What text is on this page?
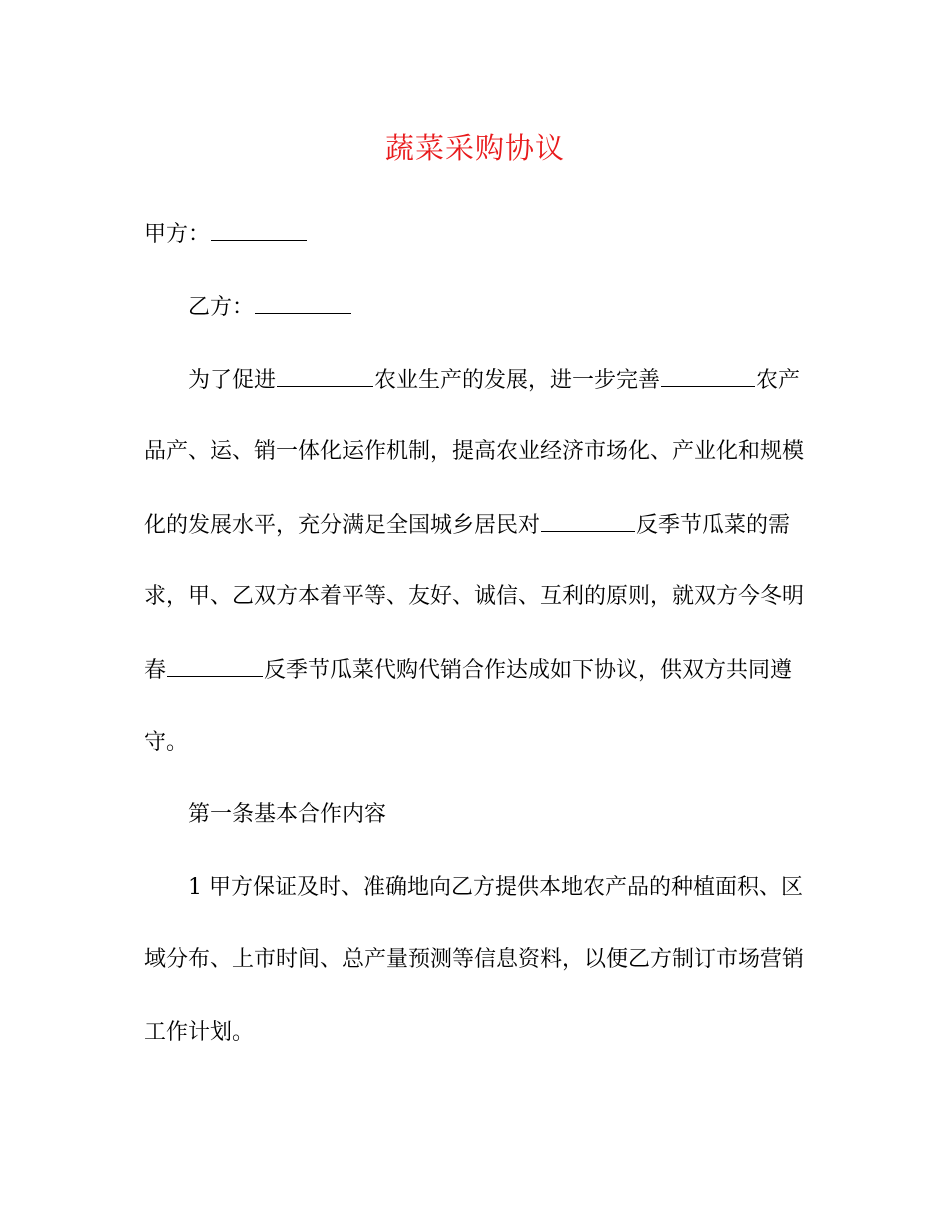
蔬菜采购协议
甲方：
乙方：
为了促进	农业生产的发展，进一步完善	农产
品产、运、销一体化运作机制，提高农业经济市场化、产业化和规模
化的发展水平，充分满足全国城乡居民对	反季节瓜菜的需
求，甲、乙双方本着平等、友好、诚信、互利的原则，就双方今冬明
春	反季节瓜菜代购代销合作达成如下协议，供双方共同遵
守。
第一条基本合作内容
1 甲方保证及时、准确地向乙方提供本地农产品的种植面积、区
域分布、上市时间、总产量预测等信息资料，以便乙方制订市场营销
工作计划。
